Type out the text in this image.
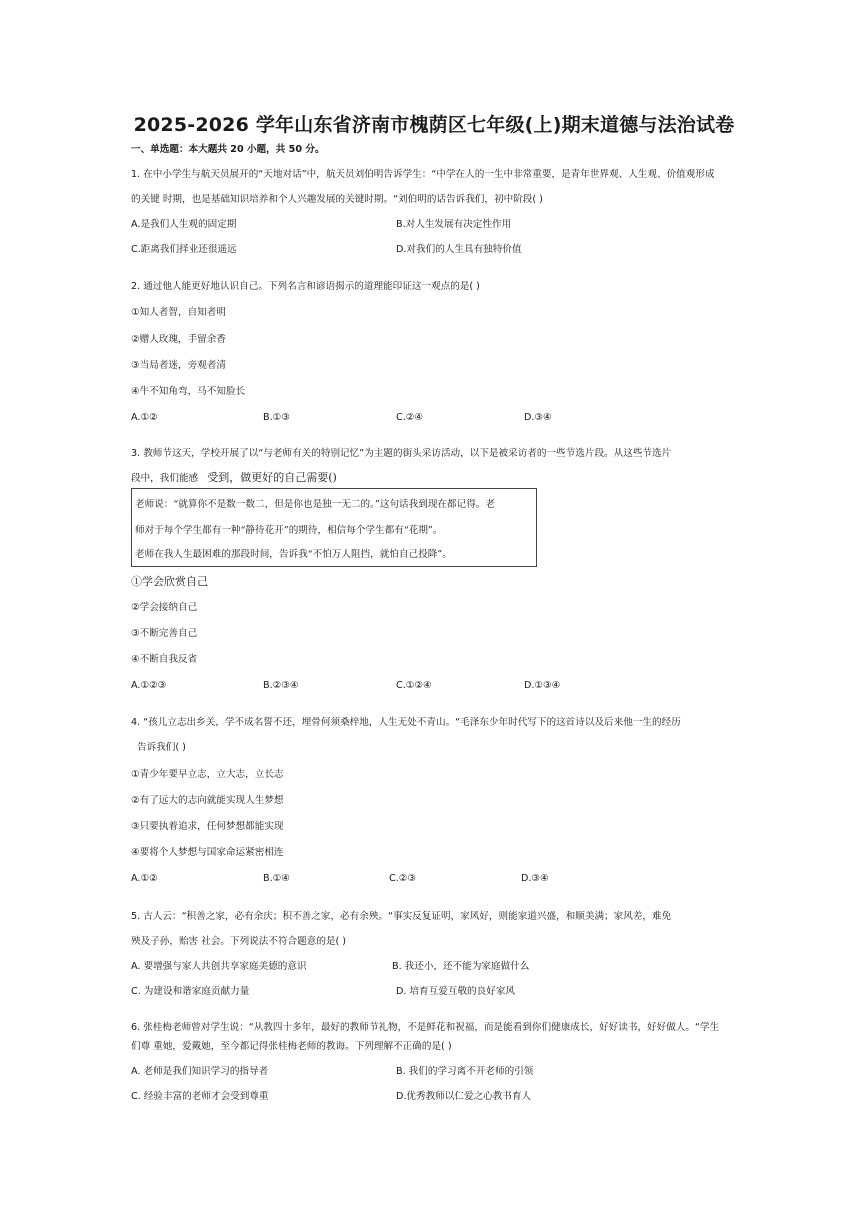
2025-2026 学年山东省济南市槐荫区七年级(上)期末道德与法治试卷
一、单选题：本大题共 20 小题，共 50 分。
1. 在中小学生与航天员展开的“天地对话”中，航天员刘伯明告诉学生：“中学在人的一生中非常重要，是青年世界观、人生观、价值观形成
的关键 时期，也是基础知识培养和个人兴趣发展的关键时期。“刘伯明的话告诉我们，初中阶段( )
A.是我们人生观的固定期	B.对人生发展有决定性作用
C.距离我们择业还很遥远	D.对我们的人生具有独特价值
2. 通过他人能更好地认识自己。下列名言和谚语揭示的道理能印证这一观点的是( )
①知人者智，自知者明
②赠人玫瑰，手留余香
③当局者迷，旁观者清
④牛不知角弯，马不知脸长
A.①②	B.①③	C.②④	D.③④
3. 教师节这天，学校开展了以“与老师有关的特别记忆”为主题的街头采访活动，以下是被采访者的一些节选片段。从这些节选片
段中，我们能感 受到，做更好的自己需要()
老师说：“就算你不是数一数二，但是你也是独一无二的。”这句话我到现在都记得。老
师对于每个学生都有一种“静待花开”的期待，相信每个学生都有“花期”。
老师在我人生最困难的那段时间，告诉我“不怕万人阻挡，就怕自己投降”。
①学会欣赏自己
②学会接纳自己
③不断完善自己
④不断自我反省
A.①②③	B.②③④	C.①②④	D.①③④
4. “孩儿立志出乡关，学不成名誓不还，埋骨何须桑梓地，人生无处不青山。“毛泽东少年时代写下的这首诗以及后来他一生的经历
告诉我们( )
①青少年要早立志，立大志，立长志
②有了远大的志向就能实现人生梦想
③只要执着追求，任何梦想都能实现
④要将个人梦想与国家命运紧密相连
A.①②	B.①④	C.②③	D.③④
5. 古人云：“积善之家，必有余庆；积不善之家，必有余殃。“事实反复证明，家风好，则能家道兴盛，和顺美满；家风差，难免
殃及子孙，贻害 社会。下列说法不符合题意的是( )
A. 要增强与家人共创共享家庭美德的意识	B. 我还小，还不能为家庭做什么
C. 为建设和谐家庭贡献力量	D. 培育互爱互敬的良好家风
6. 张桂梅老师曾对学生说：“从教四十多年，最好的教师节礼物，不是鲜花和祝福，而是能看到你们健康成长，好好读书，好好做人。“学生
们尊 重她，爱戴她，至今都记得张桂梅老师的教诲。下列理解不正确的是( )
A. 老师是我们知识学习的指导者	B. 我们的学习离不开老师的引领
C. 经验丰富的老师才会受到尊重	D.优秀教师以仁爱之心教书育人
